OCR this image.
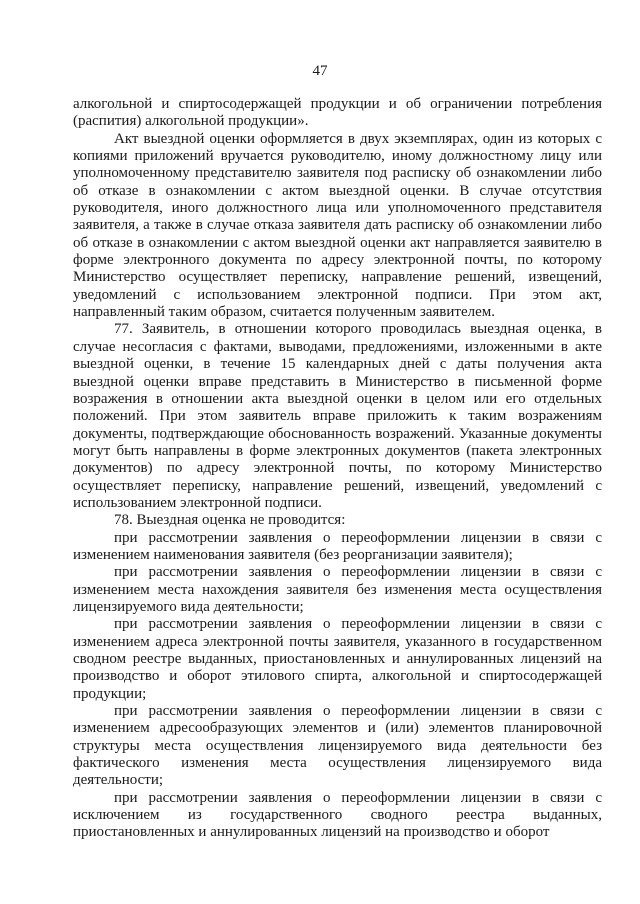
47

алкогольной и спиртосодержащей продукции и об ограничении потребления (распития) алкогольной продукции».

Акт выездной оценки оформляется в двух экземплярах, один из которых с копиями приложений вручается руководителю, иному должностному лицу или уполномоченному представителю заявителя под расписку об ознакомлении либо об отказе в ознакомлении с актом выездной оценки. В случае отсутствия руководителя, иного должностного лица или уполномоченного представителя заявителя, а также в случае отказа заявителя дать расписку об ознакомлении либо об отказе в ознакомлении с актом выездной оценки акт направляется заявителю в форме электронного документа по адресу электронной почты, по которому Министерство осуществляет переписку, направление решений, извещений, уведомлений с использованием электронной подписи. При этом акт, направленный таким образом, считается полученным заявителем.

77. Заявитель, в отношении которого проводилась выездная оценка, в случае несогласия с фактами, выводами, предложениями, изложенными в акте выездной оценки, в течение 15 календарных дней с даты получения акта выездной оценки вправе представить в Министерство в письменной форме возражения в отношении акта выездной оценки в целом или его отдельных положений. При этом заявитель вправе приложить к таким возражениям документы, подтверждающие обоснованность возражений. Указанные документы могут быть направлены в форме электронных документов (пакета электронных документов) по адресу электронной почты, по которому Министерство осуществляет переписку, направление решений, извещений, уведомлений с использованием электронной подписи.

78. Выездная оценка не проводится:

при рассмотрении заявления о переоформлении лицензии в связи с изменением наименования заявителя (без реорганизации заявителя);

при рассмотрении заявления о переоформлении лицензии в связи с изменением места нахождения заявителя без изменения места осуществления лицензируемого вида деятельности;

при рассмотрении заявления о переоформлении лицензии в связи с изменением адреса электронной почты заявителя, указанного в государственном сводном реестре выданных, приостановленных и аннулированных лицензий на производство и оборот этилового спирта, алкогольной и спиртосодержащей продукции;

при рассмотрении заявления о переоформлении лицензии в связи с изменением адресообразующих элементов и (или) элементов планировочной структуры места осуществления лицензируемого вида деятельности без фактического изменения места осуществления лицензируемого вида деятельности;

при рассмотрении заявления о переоформлении лицензии в связи с исключением из государственного сводного реестра выданных, приостановленных и аннулированных лицензий на производство и оборот
